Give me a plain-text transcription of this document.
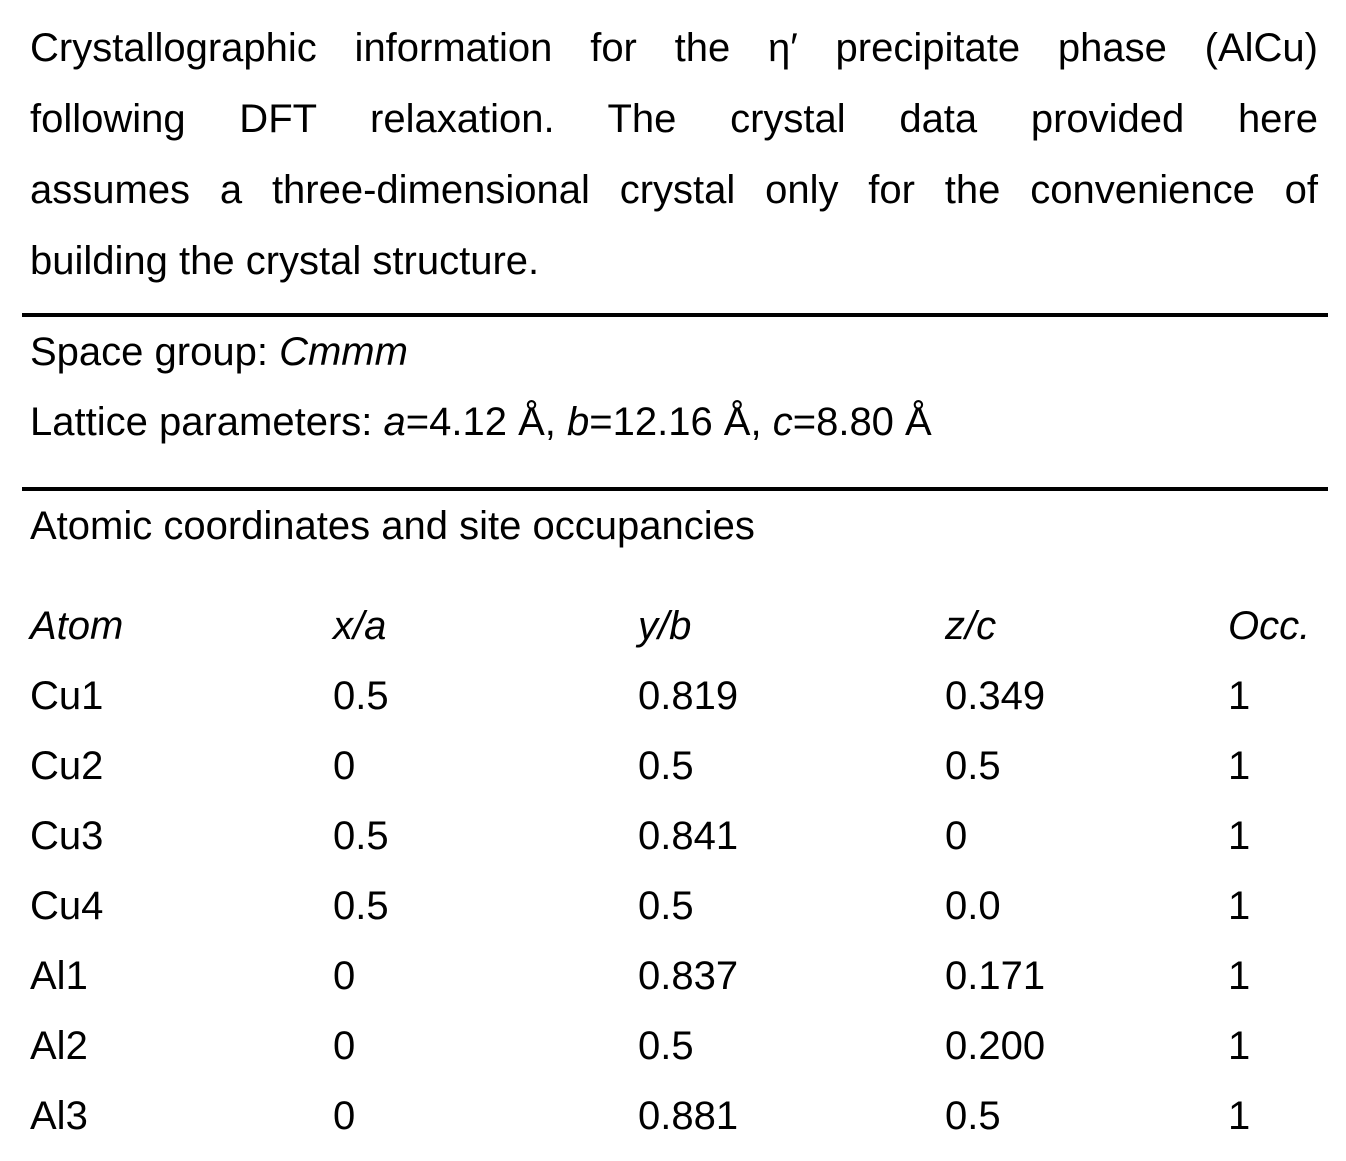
Crystallographic information for the η′ precipitate phase (AlCu)
following DFT relaxation. The crystal data provided here
assumes a three-dimensional crystal only for the convenience of
building the crystal structure.
Space group: Cmmm
Lattice parameters: a=4.12 Å, b=12.16 Å, c=8.80 Å
Atomic coordinates and site occupancies
Atom	x/a	y/b	z/c	Occ.
Cu1	0.5	0.819	0.349	1
Cu2	0	0.5	0.5	1
Cu3	0.5	0.841	0	1
Cu4	0.5	0.5	0.0	1
Al1	0	0.837	0.171	1
Al2	0	0.5	0.200	1
Al3	0	0.881	0.5	1
